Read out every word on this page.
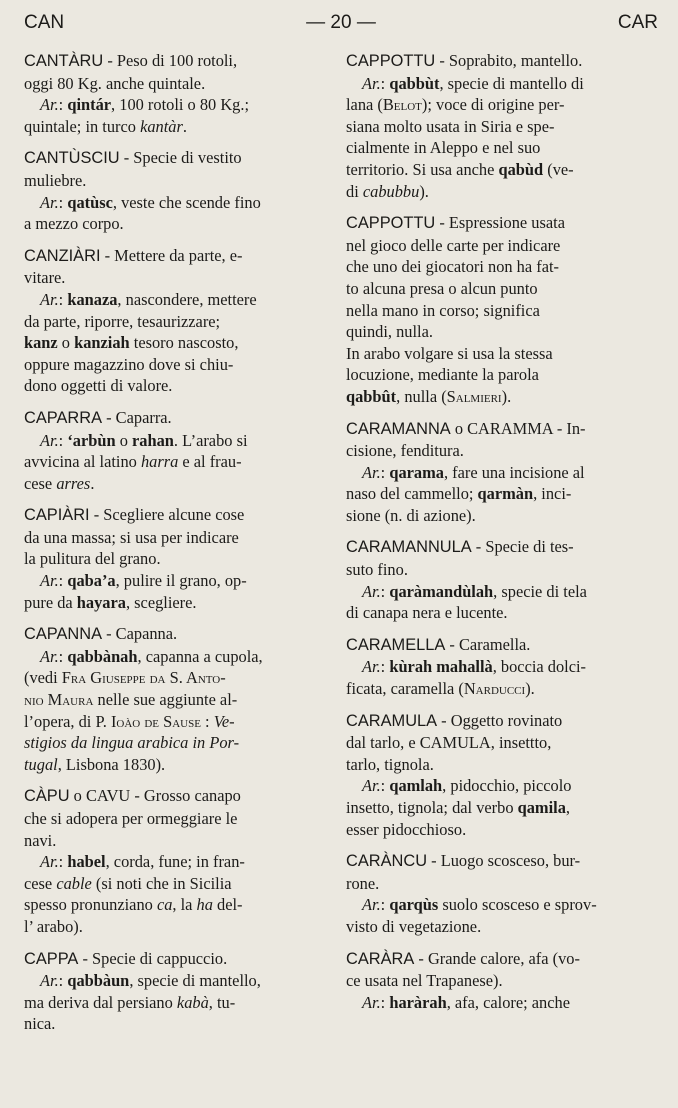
CAN	— 20 —	CAR

CANTÀRU - Peso di 100 rotoli,
oggi 80 Kg. anche quintale.
Ar.: qintár, 100 rotoli o 80 Kg.;
quintale; in turco kantàr.

CANTÙSCIU - Specie di vestito
muliebre.
Ar.: qatùsc, veste che scende fino
a mezzo corpo.

CANZIÀRI - Mettere da parte, e-
vitare.
Ar.: kanaza, nascondere, mettere
da parte, riporre, tesaurizzare;
kanz o kanziah tesoro nascosto,
oppure magazzino dove si chiu-
dono oggetti di valore.

CAPARRA - Caparra.
Ar.: ‘arbùn o rahan. L’arabo si
avvicina al latino harra e al frau-
cese arres.

CAPIÀRI - Scegliere alcune cose
da una massa; si usa per indicare
la pulitura del grano.
Ar.: qaba’a, pulire il grano, op-
pure da hayara, scegliere.

CAPANNA - Capanna.
Ar.: qabbànah, capanna a cupola,
(vedi Fra Giuseppe da S. Anto-
nio Maura nelle sue aggiunte al-
l’opera, di P. Ioào de Sause : Ve-
stigios da lingua arabica in Por-
tugal, Lisbona 1830).

CÀPU o CAVU - Grosso canapo
che si adopera per ormeggiare le
navi.
Ar.: habel, corda, fune; in fran-
cese cable (si noti che in Sicilia
spesso pronunziano ca, la ha del-
l’ arabo).

CAPPA - Specie di cappuccio.
Ar.: qabbàun, specie di mantello,
ma deriva dal persiano kabà, tu-
nica.

CAPPOTTU - Soprabito, mantello.
Ar.: qabbùt, specie di mantello di
lana (Belot); voce di origine per-
siana molto usata in Siria e spe-
cialmente in Aleppo e nel suo
territorio. Si usa anche qabùd (ve-
di cabubbu).

CAPPOTTU - Espressione usata
nel gioco delle carte per indicare
che uno dei giocatori non ha fat-
to alcuna presa o alcun punto
nella mano in corso; significa
quindi, nulla.
In arabo volgare si usa la stessa
locuzione, mediante la parola
qabbût, nulla (Salmieri).

CARAMANNA o CARAMMA - In-
cisione, fenditura.
Ar.: qarama, fare una incisione al
naso del cammello; qarmàn, inci-
sione (n. di azione).

CARAMANNULA - Specie di tes-
suto fino.
Ar.: qaràmandùlah, specie di tela
di canapa nera e lucente.

CARAMELLA - Caramella.
Ar.: kùrah mahallà, boccia dolci-
ficata, caramella (Narducci).

CARAMULA - Oggetto rovinato
dal tarlo, e CAMULA, insettto,
tarlo, tignola.
Ar.: qamlah, pidocchio, piccolo
insetto, tignola; dal verbo qamila,
esser pidocchioso.

CARÀNCU - Luogo scosceso, bur-
rone.
Ar.: qarqùs suolo scosceso e sprov-
visto di vegetazione.

CARÀRA - Grande calore, afa (vo-
ce usata nel Trapanese).
Ar.: haràrah, afa, calore; anche
